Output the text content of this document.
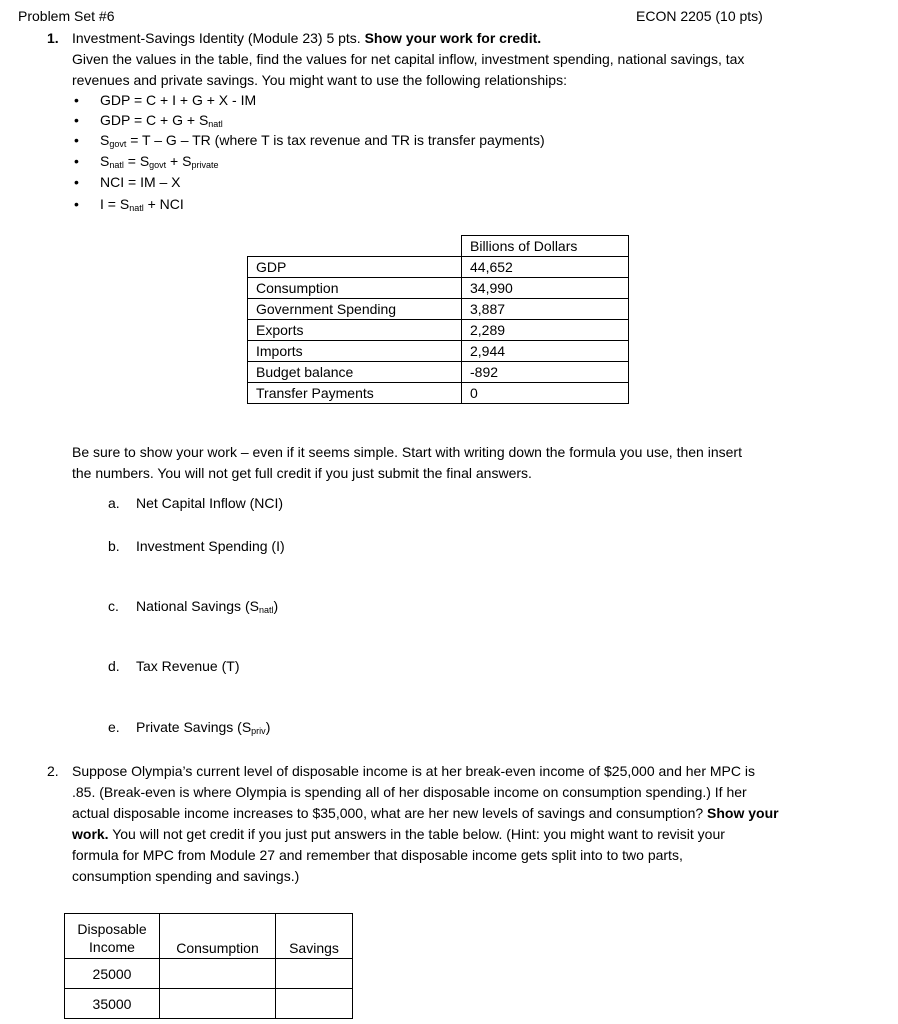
Problem Set #6	ECON 2205 (10 pts)
1. Investment-Savings Identity (Module 23) 5 pts. Show your work for credit.
Given the values in the table, find the values for net capital inflow, investment spending, national savings, tax
revenues and private savings. You might want to use the following relationships:
• GDP = C + I + G + X - IM
• GDP = $C + G + S_{natl}$
• $S_{govt} = T - G$ – TR (where T is tax revenue and TR is transfer payments)
• $S_{natl} = S_{govt} + S_{private}$
• NCI = IM – X
• $I = S_{natl}$ + NCI
	Billions of Dollars
GDP	44,652
Consumption	34,990
Government Spending	3,887
Exports	2,289
Imports	2,944
Budget balance	-892
Transfer Payments	0
Be sure to show your work – even if it seems simple. Start with writing down the formula you use, then insert
the numbers. You will not get full credit if you just submit the final answers.
a. Net Capital Inflow (NCI)
b. Investment Spending (I)
c. National Savings $(S_{natl})$
d. Tax Revenue (T)
e. Private Savings $(S_{priv})$
2. Suppose Olympia’s current level of disposable income is at her break-even income of $25,000 and her MPC is
.85. (Break-even is where Olympia is spending all of her disposable income on consumption spending.) If her
actual disposable income increases to $35,000, what are her new levels of savings and consumption? Show your
work. You will not get credit if you just put answers in the table below. (Hint: you might want to revisit your
formula for MPC from Module 27 and remember that disposable income gets split into to two parts,
consumption spending and savings.)
Disposable
Income	Consumption	Savings
25000		
35000		
